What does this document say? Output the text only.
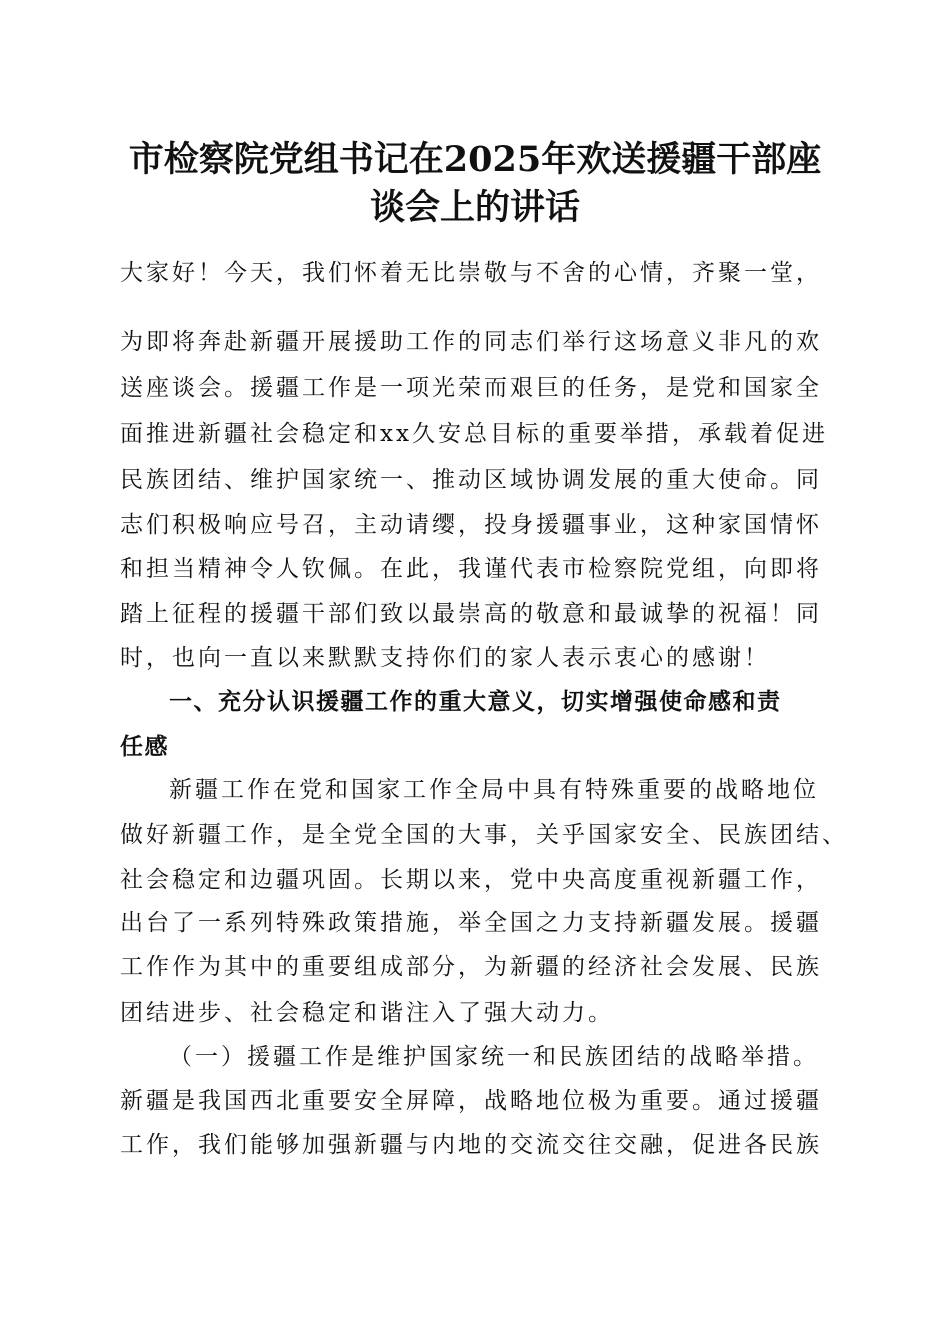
市检察院党组书记在2025年欢送援疆干部座
谈会上的讲话

大家好！今天，我们怀着无比崇敬与不舍的心情，齐聚一堂，

为即将奔赴新疆开展援助工作的同志们举行这场意义非凡的欢

送座谈会。援疆工作是一项光荣而艰巨的任务，是党和国家全

面推进新疆社会稳定和xx久安总目标的重要举措，承载着促进

民族团结、维护国家统一、推动区域协调发展的重大使命。同

志们积极响应号召，主动请缨，投身援疆事业，这种家国情怀

和担当精神令人钦佩。在此，我谨代表市检察院党组，向即将

踏上征程的援疆干部们致以最崇高的敬意和最诚挚的祝福！同

时，也向一直以来默默支持你们的家人表示衷心的感谢！

一、充分认识援疆工作的重大意义，切实增强使命感和责

任感

新疆工作在党和国家工作全局中具有特殊重要的战略地位

做好新疆工作，是全党全国的大事，关乎国家安全、民族团结、

社会稳定和边疆巩固。长期以来，党中央高度重视新疆工作，

出台了一系列特殊政策措施，举全国之力支持新疆发展。援疆

工作作为其中的重要组成部分，为新疆的经济社会发展、民族

团结进步、社会稳定和谐注入了强大动力。

（一）援疆工作是维护国家统一和民族团结的战略举措。

新疆是我国西北重要安全屏障，战略地位极为重要。通过援疆

工作，我们能够加强新疆与内地的交流交往交融，促进各民族
